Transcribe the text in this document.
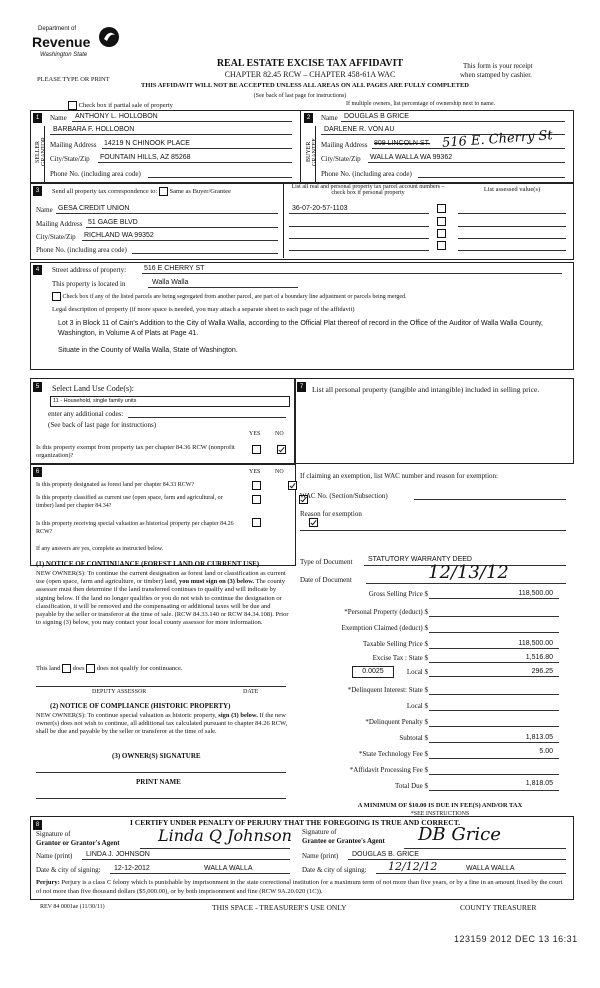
Department of
Revenue
Washington State
PLEASE TYPE OR PRINT
REAL ESTATE EXCISE TAX AFFIDAVIT
CHAPTER 82.45 RCW – CHAPTER 458-61A WAC
THIS AFFIDAVIT WILL NOT BE ACCEPTED UNLESS ALL AREAS ON ALL PAGES ARE FULLY COMPLETED
(See back of last page for instructions)
This form is your receipt
when stamped by cashier.
Check box if partial sale of property	If multiple owners, list percentage of ownership next to name.
1
SELLER
Name ANTHONY L. HOLLOBON
BARBARA F. HOLLOBON
Mailing Address 14219 N CHINOOK PLACE
City/State/Zip FOUNTAIN HILLS, AZ 85268
Phone No. (including area code)
2
BUYER
Name DOUGLAS B GRICE
DARLENE R. VON AU
Mailing Address 809 LINCOLN ST. 516 E. Cherry St
City/State/Zip WALLA WALLA WA 99362
Phone No. (including area code)
3	Send all property tax correspondence to: Same as Buyer/Grantee
Name GESA CREDIT UNION
Mailing Address 51 GAGE BLVD
City/State/Zip RICHLAND WA 99352
Phone No. (including area code)
List all real and personal property tax parcel account numbers – check box if personal property	List assessed value(s)
36-07-20-57-1103
4	Street address of property:	516 E CHERRY ST
This property is located in	Walla Walla
Check box if any of the listed parcels are being segregated from another parcel, are part of a boundary line adjustment or parcels being merged.
Legal description of property (if more space is needed, you may attach a separate sheet to each page of the affidavit)
Lot 3 in Block 11 of Cain's Addition to the City of Walla Walla, according to the Official Plat thereof of record in the Office of the Auditor of Walla Walla County, Washington, in Volume A of Plats at Page 41.
Situate in the County of Walla Walla, State of Washington.
5	Select Land Use Code(s):
11 - Household, single family units
enter any additional codes:
(See back of last page for instructions)
YES NO
Is this property exempt from property tax per chapter 84.36 RCW (nonprofit organization)?

7	List all personal property (tangible and intangible) included in selling price.
6	YES NO
Is this property designated as forest land per chapter 84.33 RCW?

Is this property classified as current use (open space, farm and agricultural, or timber) land per chapter 84.34?

Is this property receiving special valuation as historical property per chapter 84.26 RCW?
If any answers are yes, complete as instructed below.
(1) NOTICE OF CONTINUANCE (FOREST LAND OR CURRENT USE)
NEW OWNER(S): To continue the current designation as forest land or classification as current use (open space, farm and agriculture, or timber) land, you must sign on (3) below. The county assessor must then determine if the land transferred continues to qualify and will indicate by signing below. If the land no longer qualifies or you do not wish to continue the designation or classification, it will be removed and the compensating or additional taxes will be due and payable by the seller or transferor at the time of sale. (RCW 84.33.140 or RCW 84.34.108). Prior to signing (3) below, you may contact your local county assessor for more information.
This land does does not qualify for continuance.
DEPUTY ASSESSOR	DATE
(2) NOTICE OF COMPLIANCE (HISTORIC PROPERTY)
NEW OWNER(S): To continue special valuation as historic property, sign (3) below. If the new owner(s) does not wish to continue, all additional tax calculated pursuant to chapter 84.26 RCW, shall be due and payable by the seller or transferor at the time of sale.
(3) OWNER(S) SIGNATURE
PRINT NAME
If claiming an exemption, list WAC number and reason for exemption:
WAC No. (Section/Subsection)
Reason for exemption
Type of Document STATUTORY WARRANTY DEED
Date of Document	12/13/12
Gross Selling Price $	118,500.00
*Personal Property (deduct) $
Exemption Claimed (deduct) $
Taxable Selling Price $	118,500.00
Excise Tax : State $	1,516.80
0.0025	Local $	296.25
*Delinquent Interest: State $
Local $
*Delinquent Penalty $
Subtotal $	1,813.05
*State Technology Fee $	5.00
*Affidavit Processing Fee $
Total Due $	1,818.05
A MINIMUM OF $10.00 IS DUE IN FEE(S) AND/OR TAX
*SEE INSTRUCTIONS
8	I CERTIFY UNDER PENALTY OF PERJURY THAT THE FOREGOING IS TRUE AND CORRECT.
Signature of
Grantor or Grantor's Agent Linda Q Johnson Signature of
Grantee or Grantee's Agent DB Grice
Name (print) LINDA J. JOHNSON	Name (print) DOUGLAS B. GRICE
Date & city of signing: 12-12-2012	WALLA WALLA	Date & city of signing: 12/12/12	WALLA WALLA
Perjury: Perjury is a class C felony which is punishable by imprisonment in the state correctional institution for a maximum term of not more than five years, or by a fine in an amount fixed by the court of not more than five thousand dollars ($5,000.00), or by both imprisonment and fine (RCW 9A.20.020 (1C)).
REV 84 0001ae (11/30/11)	THIS SPACE - TREASURER'S USE ONLY	COUNTY TREASURER
123159 2012 DEC 13 16:31
